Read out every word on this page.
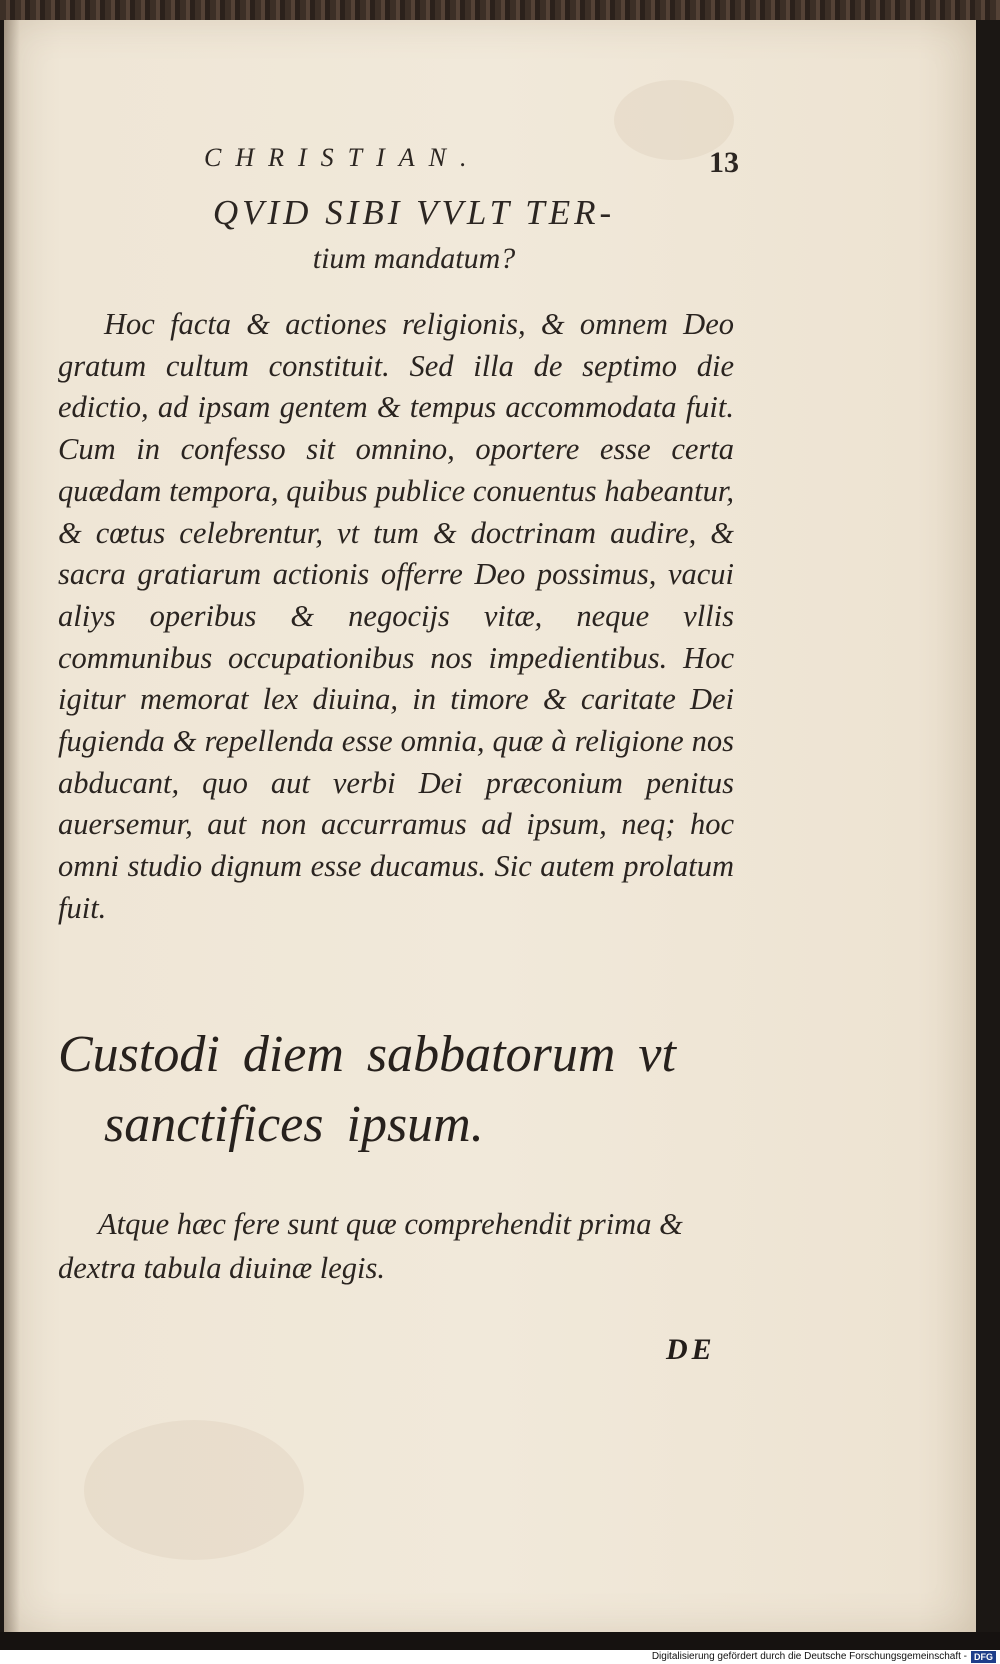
CHRISTIAN.	13
QVID SIBI VVLT TER-
tium mandatum?

Hoc facta & actiones religionis, & omnem Deo gratum cultum constituit. Sed illa de septimo die edictio, ad ipsam gentem & tempus accommodata fuit. Cum in confesso sit omnino, oportere esse certa quædam tempora, quibus publice conuentus habeantur, & cœtus celebrentur, vt tum & doctrinam audire, & sacra gratiarum actionis offerre Deo possimus, vacui aliys operibus & negocijs vitæ, neque vllis communibus occupationibus nos impedientibus. Hoc igitur memorat lex diuina, in timore & caritate Dei fugienda & repellenda esse omnia, quæ à religione nos abducant, quo aut verbi Dei præconium penitus auersemur, aut non accurramus ad ipsum, neq; hoc omni studio dignum esse ducamus. Sic autem prolatum fuit.

Custodi diem sabbatorum vt
sanctifices ipsum.

Atque hæc fere sunt quæ comprehendit prima & dextra tabula diuinæ legis.

DE
Digitalisierung gefördert durch die Deutsche Forschungsgemeinschaft - DFG
